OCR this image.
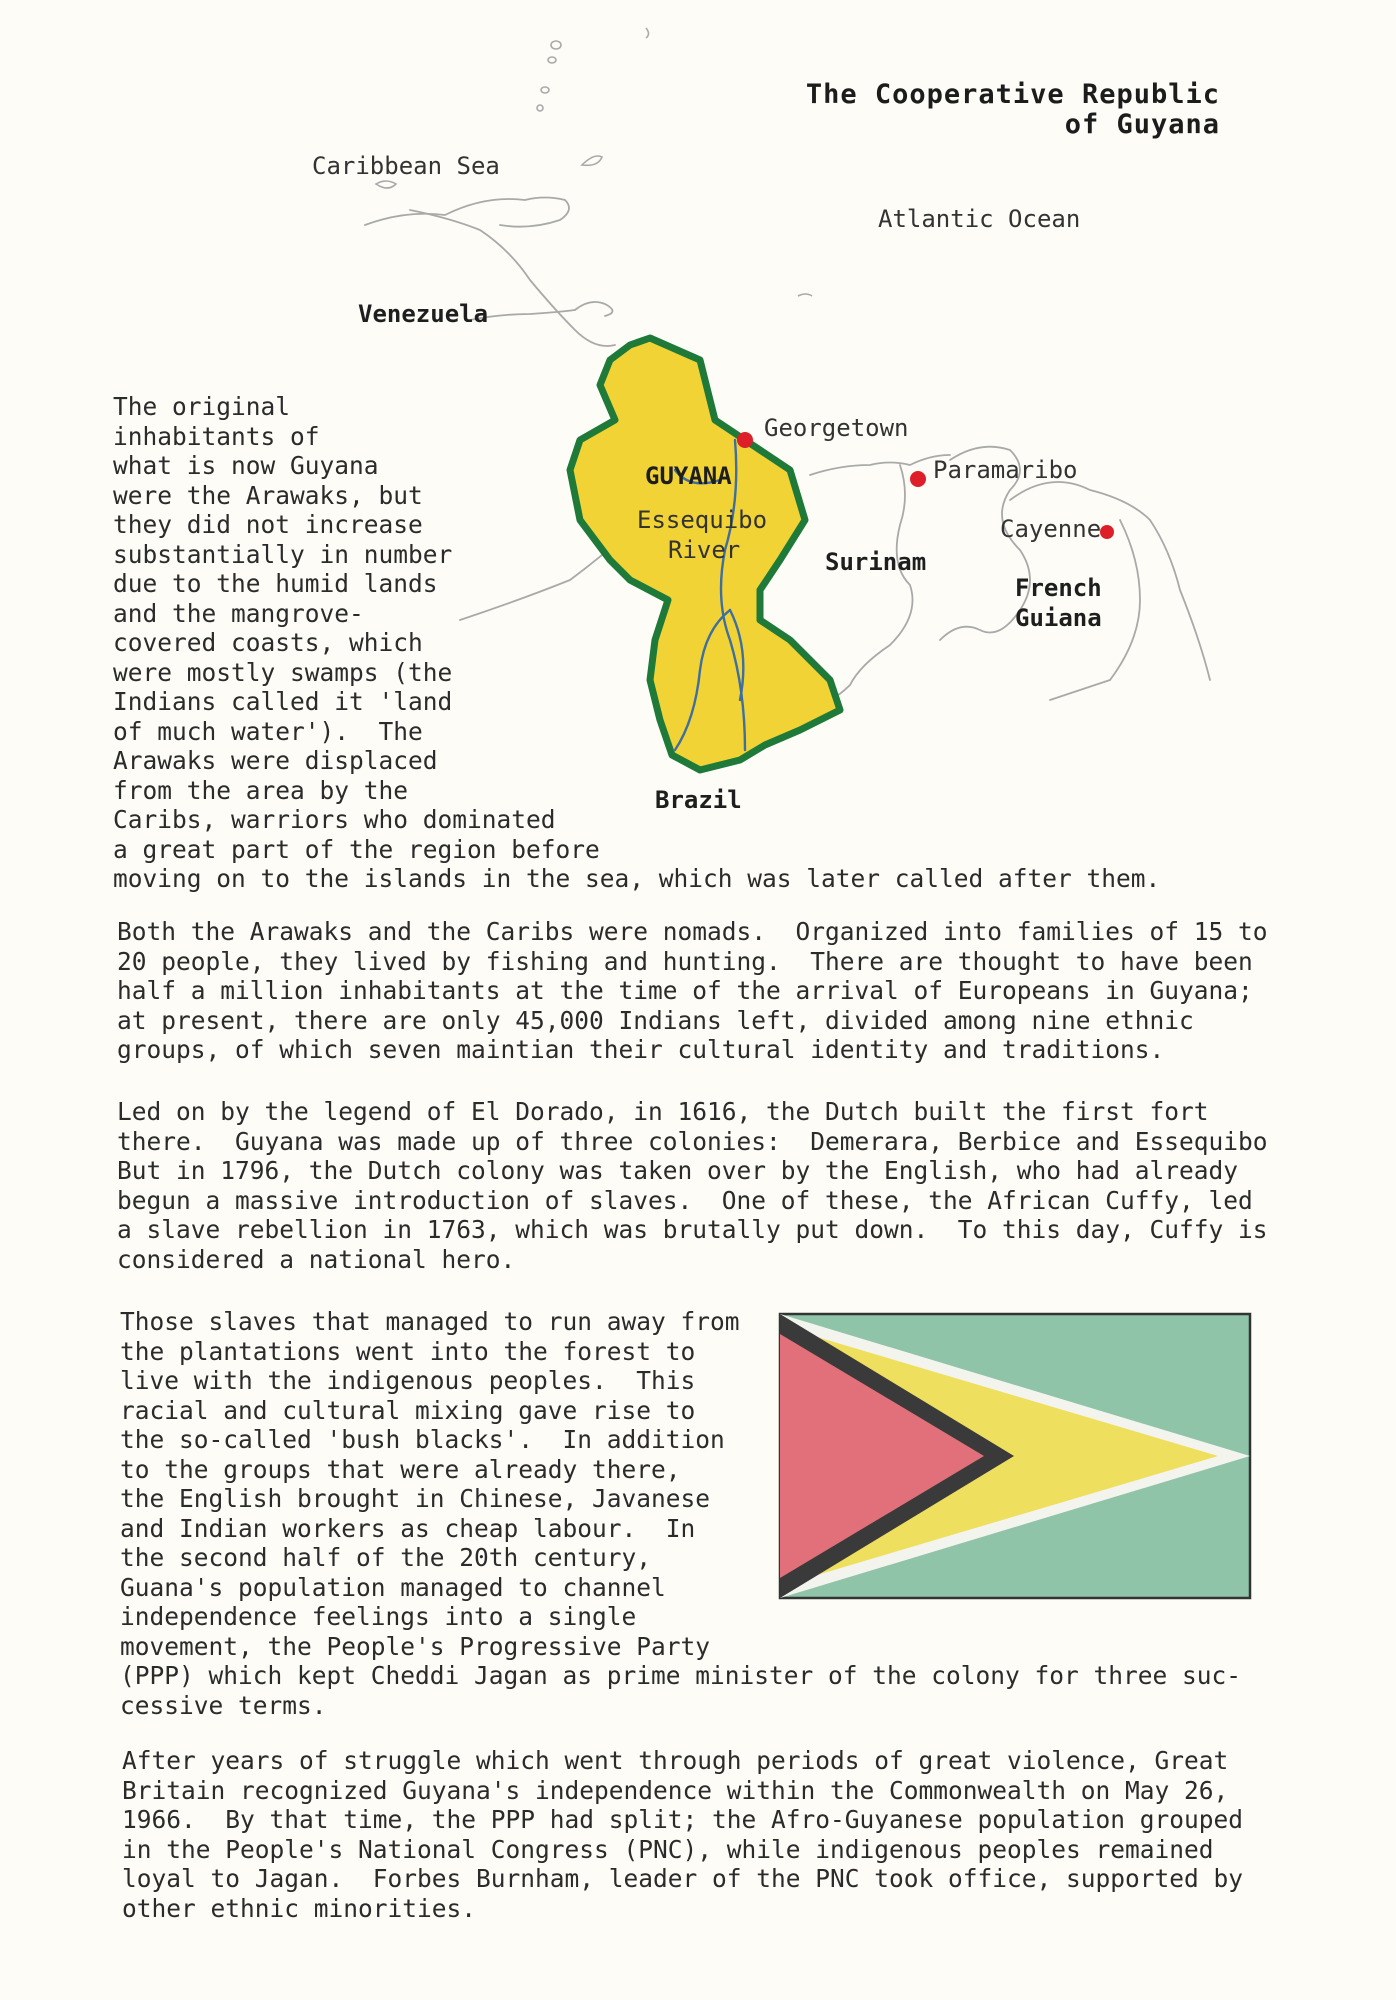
The Cooperative Republic
of Guyana
Caribbean Sea
Atlantic Ocean
Venezuela
Georgetown
GUYANA	Paramaribo
Cayenne
Essequibo
River	Surinam
French
Guiana
Brazil
The original
inhabitants of
what is now Guyana
were the Arawaks, but
they did not increase
substantially in number
due to the humid lands
and the mangrove-
covered coasts, which
were mostly swamps (the
Indians called it 'land
of much water').  The
Arawaks were displaced
from the area by the
Caribs, warriors who dominated
a great part of the region before
moving on to the islands in the sea, which was later called after them.
Both the Arawaks and the Caribs were nomads.  Organized into families of 15 to
20 people, they lived by fishing and hunting.  There are thought to have been
half a million inhabitants at the time of the arrival of Europeans in Guyana;
at present, there are only 45,000 Indians left, divided among nine ethnic
groups, of which seven maintian their cultural identity and traditions.
Led on by the legend of El Dorado, in 1616, the Dutch built the first fort
there.  Guyana was made up of three colonies:  Demerara, Berbice and Essequibo
But in 1796, the Dutch colony was taken over by the English, who had already
begun a massive introduction of slaves.  One of these, the African Cuffy, led
a slave rebellion in 1763, which was brutally put down.  To this day, Cuffy is
considered a national hero.
Those slaves that managed to run away from
the plantations went into the forest to
live with the indigenous peoples.  This
racial and cultural mixing gave rise to
the so-called 'bush blacks'.  In addition
to the groups that were already there,
the English brought in Chinese, Javanese
and Indian workers as cheap labour.  In
the second half of the 20th century,
Guana's population managed to channel
independence feelings into a single
movement, the People's Progressive Party
(PPP) which kept Cheddi Jagan as prime minister of the colony for three suc-
cessive terms.
After years of struggle which went through periods of great violence, Great
Britain recognized Guyana's independence within the Commonwealth on May 26,
1966.  By that time, the PPP had split; the Afro-Guyanese population grouped
in the People's National Congress (PNC), while indigenous peoples remained
loyal to Jagan.  Forbes Burnham, leader of the PNC took office, supported by
other ethnic minorities.
